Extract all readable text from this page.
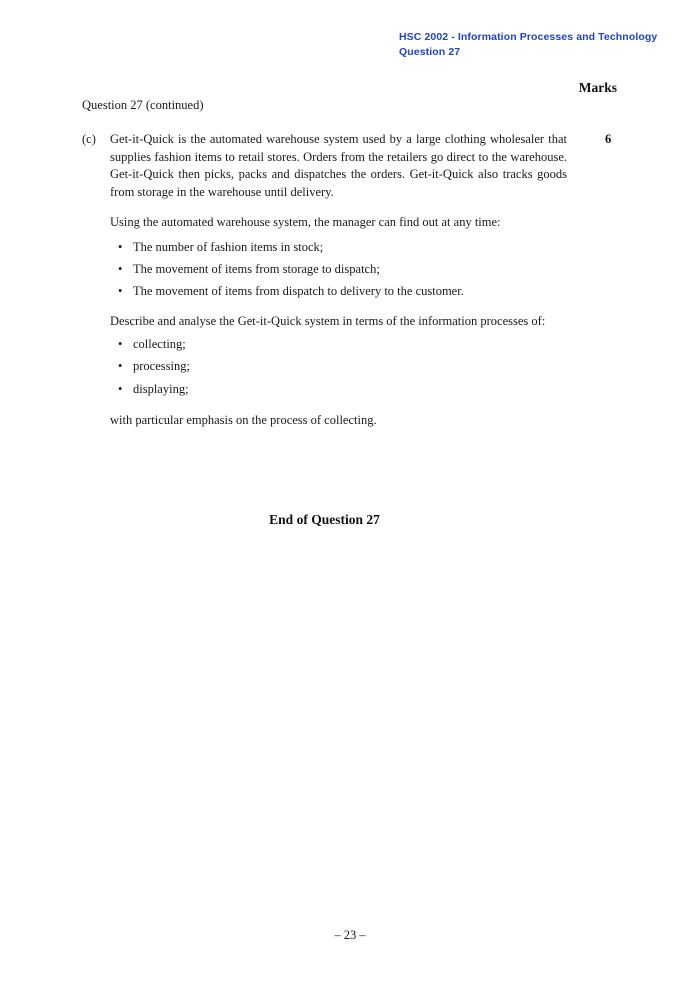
HSC 2002 - Information Processes and Technology
Question 27
Marks
Question 27 (continued)
(c)	6

Get-it-Quick is the automated warehouse system used by a large clothing wholesaler that supplies fashion items to retail stores. Orders from the retailers go direct to the warehouse. Get-it-Quick then picks, packs and dispatches the orders. Get-it-Quick also tracks goods from storage in the warehouse until delivery.

Using the automated warehouse system, the manager can find out at any time:

• The number of fashion items in stock;
• The movement of items from storage to dispatch;
• The movement of items from dispatch to delivery to the customer.

Describe and analyse the Get-it-Quick system in terms of the information processes of:

• collecting;
• processing;
• displaying;

with particular emphasis on the process of collecting.

End of Question 27
– 23 –
